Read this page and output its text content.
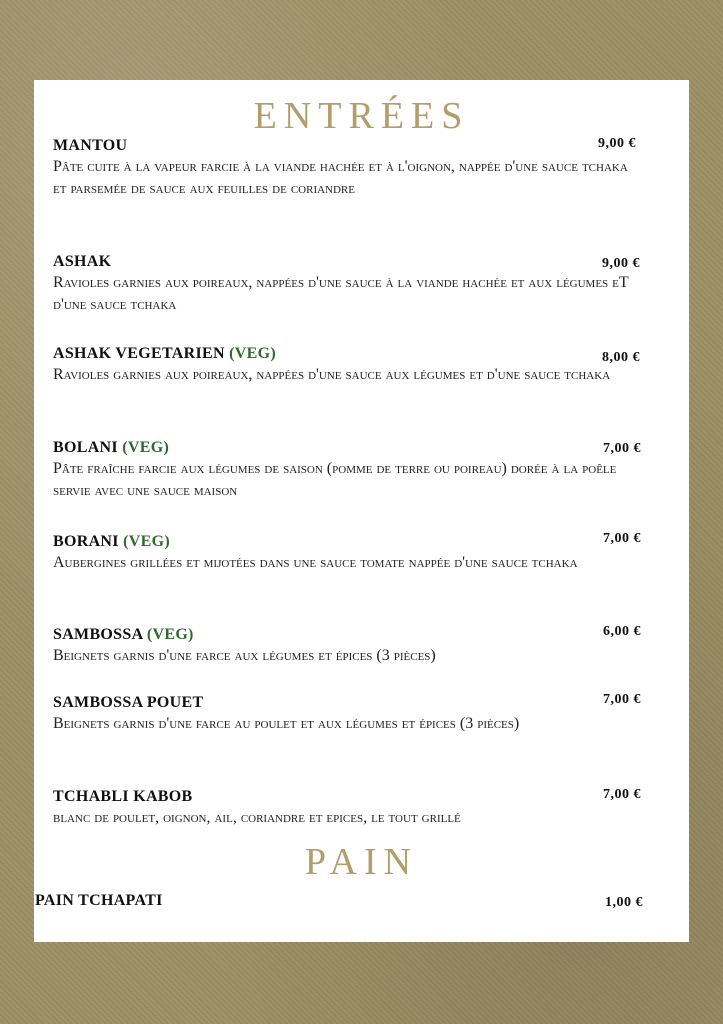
ENTRÉES
MANTOU
Pâte cuite à la vapeur farcie à la viande hachée et à l'oignon, nappée d'une sauce tchaka et parsemée de sauce aux feuilles de coriandre
9,00 €
ASHAK
Ravioles garnies aux poireaux, nappées d'une sauce à la viande hachée et aux légumes eT d'une sauce tchaka
9,00 €
ASHAK VEGETARIEN (VEG)
Ravioles garnies aux poireaux, nappées d'une sauce aux légumes et d'une sauce tchaka
8,00 €
BOLANI (VEG)
Pâte fraîche farcie aux légumes de saison (pomme de terre ou poireau) dorée à la poêle servie avec une sauce maison
7,00 €
BORANI (VEG)
Aubergines grillées et mijotées dans une sauce tomate nappée d'une sauce tchaka
7,00 €
SAMBOSSA (VEG)
Beignets garnis d'une farce aux légumes et épices (3 pièces)
6,00 €
SAMBOSSA POUET
Beignets garnis d'une farce au poulet et aux légumes et épices (3 pièces)
7,00 €
TCHABLI KABOB
blanc de poulet, oignon, ail, coriandre et epices, le tout grillé
7,00 €
PAIN
PAIN TCHAPATI	1,00 €
